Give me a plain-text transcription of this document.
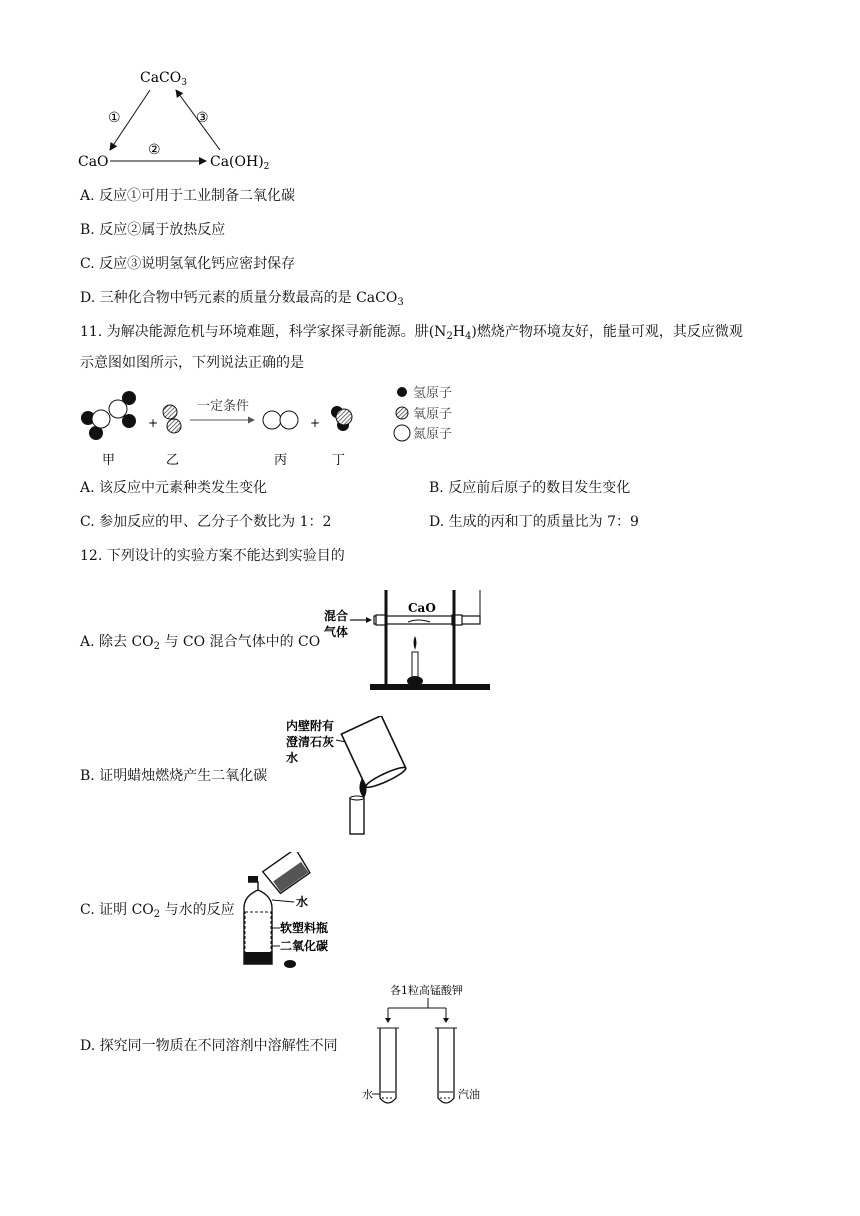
CaCO$_3$
CaO	$Ca(OH)_2$
①
②
③
A. 反应①可用于工业制备二氧化碳
B. 反应②属于放热反应
C. 反应③说明氢氧化钙应密封保存
D. 三种化合物中钙元素的质量分数最高的是 CaCO$_3$
11. 为解决能源危机与环境难题，科学家探寻新能源。肼$(N_2H_4)$燃烧产物环境友好，能量可观，其反应微观
示意图如图所示，下列说法正确的是
+
一定条件
+
甲	乙	丙	丁
氢原子
氧原子
氮原子
A. 该反应中元素种类发生变化	B. 反应前后原子的数目发生变化
C. 参加反应的甲、乙分子个数比为 1：2	D. 生成的丙和丁的质量比为 7：9
12. 下列设计的实验方案不能达到实验目的
A. 除去 $CO_2$ 与 CO 混合气体中的 CO
混合
气体
CaO
B. 证明蜡烛燃烧产生二氧化碳
内壁附有
澄清石灰
水
C. 证明 $CO_2$ 与水的反应	水
软塑料瓶
二氧化碳
D. 探究同一物质在不同溶剂中溶解性不同
各1粒高锰酸钾
水	汽油
